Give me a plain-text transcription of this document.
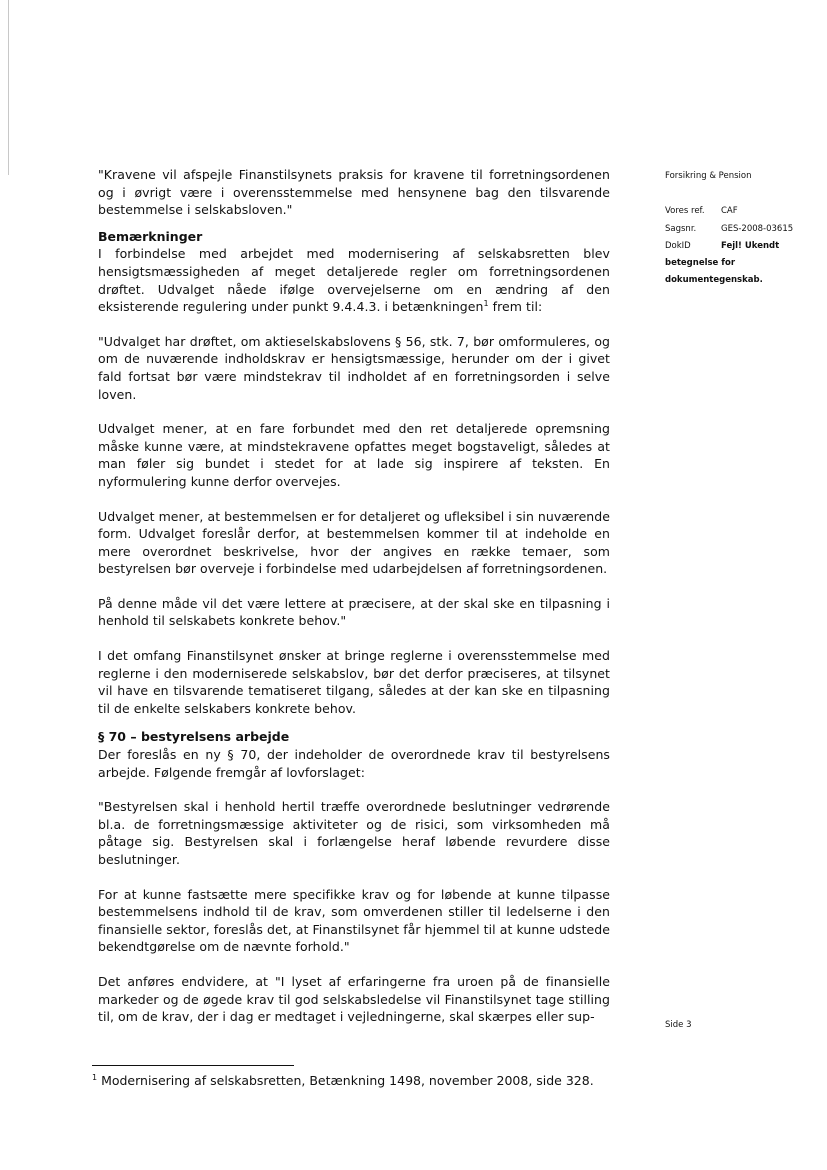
"Kravene vil afspejle Finanstilsynets praksis for kravene til forretningsordenen og i øvrigt være i overensstemmelse med hensynene bag den tilsvarende bestemmelse i selskabsloven."

Bemærkninger

I forbindelse med arbejdet med modernisering af selskabsretten blev hensigtsmæssigheden af meget detaljerede regler om forretningsordenen drøftet. Udvalget nåede ifølge overvejelserne om en ændring af den eksisterende regulering under punkt 9.4.4.3. i betænkningen$^1$ frem til:

"Udvalget har drøftet, om aktieselskabslovens § 56, stk. 7, bør omformuleres, og om de nuværende indholdskrav er hensigtsmæssige, herunder om der i givet fald fortsat bør være mindstekrav til indholdet af en forretningsorden i selve loven.

Udvalget mener, at en fare forbundet med den ret detaljerede opremsning måske kunne være, at mindstekravene opfattes meget bogstaveligt, således at man føler sig bundet i stedet for at lade sig inspirere af teksten. En nyformulering kunne derfor overvejes.

Udvalget mener, at bestemmelsen er for detaljeret og ufleksibel i sin nuværende form. Udvalget foreslår derfor, at bestemmelsen kommer til at indeholde en mere overordnet beskrivelse, hvor der angives en række temaer, som bestyrelsen bør overveje i forbindelse med udarbejdelsen af forretningsordenen.

På denne måde vil det være lettere at præcisere, at der skal ske en tilpasning i henhold til selskabets konkrete behov."

I det omfang Finanstilsynet ønsker at bringe reglerne i overensstemmelse med reglerne i den moderniserede selskabslov, bør det derfor præciseres, at tilsynet vil have en tilsvarende tematiseret tilgang, således at der kan ske en tilpasning til de enkelte selskabers konkrete behov.

§ 70 – bestyrelsens arbejde

Der foreslås en ny § 70, der indeholder de overordnede krav til bestyrelsens arbejde. Følgende fremgår af lovforslaget:

"Bestyrelsen skal i henhold hertil træffe overordnede beslutninger vedrørende bl.a. de forretningsmæssige aktiviteter og de risici, som virksomheden må påtage sig. Bestyrelsen skal i forlængelse heraf løbende revurdere disse beslutninger.

For at kunne fastsætte mere specifikke krav og for løbende at kunne tilpasse bestemmelsens indhold til de krav, som omverdenen stiller til ledelserne i den finansielle sektor, foreslås det, at Finanstilsynet får hjemmel til at kunne udstede bekendtgørelse om de nævnte forhold."

Det anføres endvidere, at "I lyset af erfaringerne fra uroen på de finansielle markeder og de øgede krav til god selskabsledelse vil Finanstilsynet tage stilling til, om de krav, der i dag er medtaget i vejledningerne, skal skærpes eller sup-

Forsikring & Pension
Vores ref.	CAF
Sagsnr.	GES-2008-03615
DokID	Fejl! Ukendt
betegnelse for
dokumentegenskab.
Side 3
$^1$ Modernisering af selskabsretten, Betænkning 1498, november 2008, side 328.
